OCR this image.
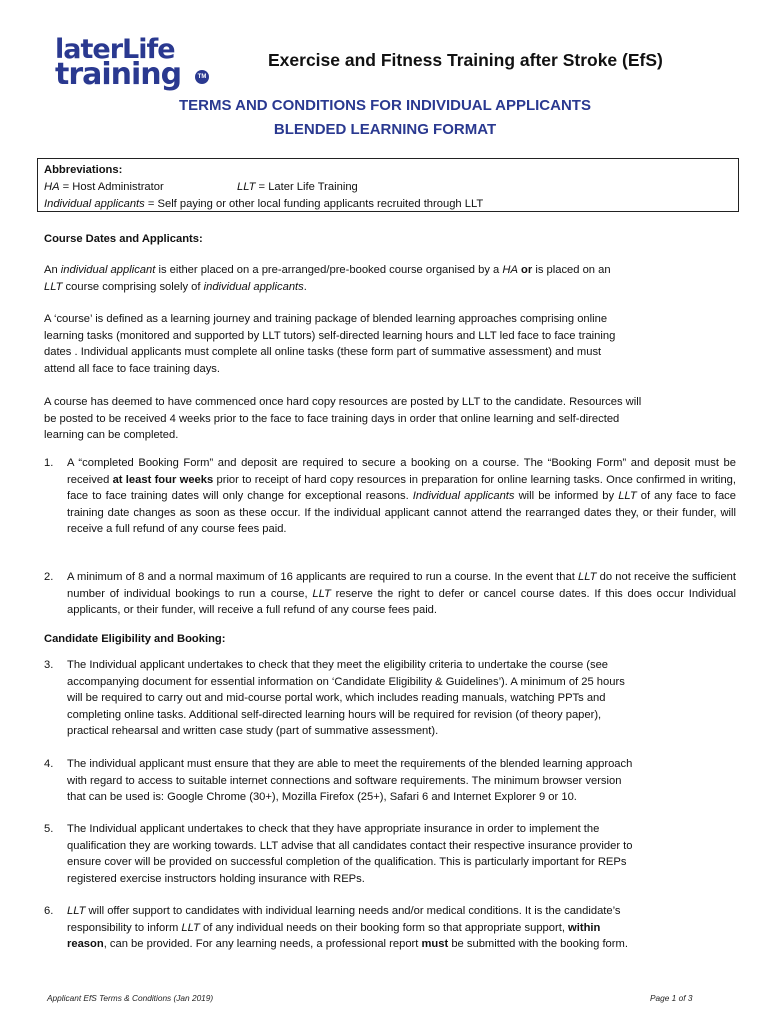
laterLife
training	TM
Exercise and Fitness Training after Stroke (EfS)
TERMS AND CONDITIONS FOR INDIVIDUAL APPLICANTS
BLENDED LEARNING FORMAT
Abbreviations:
HA = Host Administrator	LLT = Later Life Training
Individual applicants = Self paying or other local funding applicants recruited through LLT
Course Dates and Applicants:
An individual applicant is either placed on a pre-arranged/pre-booked course organised by a HA or is placed on an
LLT course comprising solely of individual applicants.
A ‘course’ is defined as a learning journey and training package of blended learning approaches comprising online
learning tasks (monitored and supported by LLT tutors) self-directed learning hours and LLT led face to face training
dates . Individual applicants must complete all online tasks (these form part of summative assessment) and must
attend all face to face training days.
A course has deemed to have commenced once hard copy resources are posted by LLT to the candidate. Resources will
be posted to be received 4 weeks prior to the face to face training days in order that online learning and self-directed
learning can be completed.
1. A “completed Booking Form” and deposit are required to secure a booking on a course. The “Booking Form” and deposit must be received at least four weeks prior to receipt of hard copy resources in preparation for online learning tasks. Once confirmed in writing, face to face training dates will only change for exceptional reasons. Individual applicants will be informed by LLT of any face to face training date changes as soon as these occur. If the individual applicant cannot attend the rearranged dates they, or their funder, will receive a full refund of any course fees paid.
2. A minimum of 8 and a normal maximum of 16 applicants are required to run a course. In the event that LLT do not receive the sufficient number of individual bookings to run a course, LLT reserve the right to defer or cancel course dates. If this does occur Individual applicants, or their funder, will receive a full refund of any course fees paid.
Candidate Eligibility and Booking:
3. The Individual applicant undertakes to check that they meet the eligibility criteria to undertake the course (see
accompanying document for essential information on ‘Candidate Eligibility & Guidelines’). A minimum of 25 hours
will be required to carry out and mid-course portal work, which includes reading manuals, watching PPTs and
completing online tasks. Additional self-directed learning hours will be required for revision (of theory paper),
practical rehearsal and written case study (part of summative assessment).
4. The individual applicant must ensure that they are able to meet the requirements of the blended learning approach
with regard to access to suitable internet connections and software requirements. The minimum browser version
that can be used is: Google Chrome (30+), Mozilla Firefox (25+), Safari 6 and Internet Explorer 9 or 10.
5. The Individual applicant undertakes to check that they have appropriate insurance in order to implement the
qualification they are working towards. LLT advise that all candidates contact their respective insurance provider to
ensure cover will be provided on successful completion of the qualification. This is particularly important for REPs
registered exercise instructors holding insurance with REPs.
6. LLT will offer support to candidates with individual learning needs and/or medical conditions. It is the candidate’s
responsibility to inform LLT of any individual needs on their booking form so that appropriate support, within
reason, can be provided. For any learning needs, a professional report must be submitted with the booking form.
Applicant EfS Terms & Conditions (Jan 2019)	Page 1 of 3
